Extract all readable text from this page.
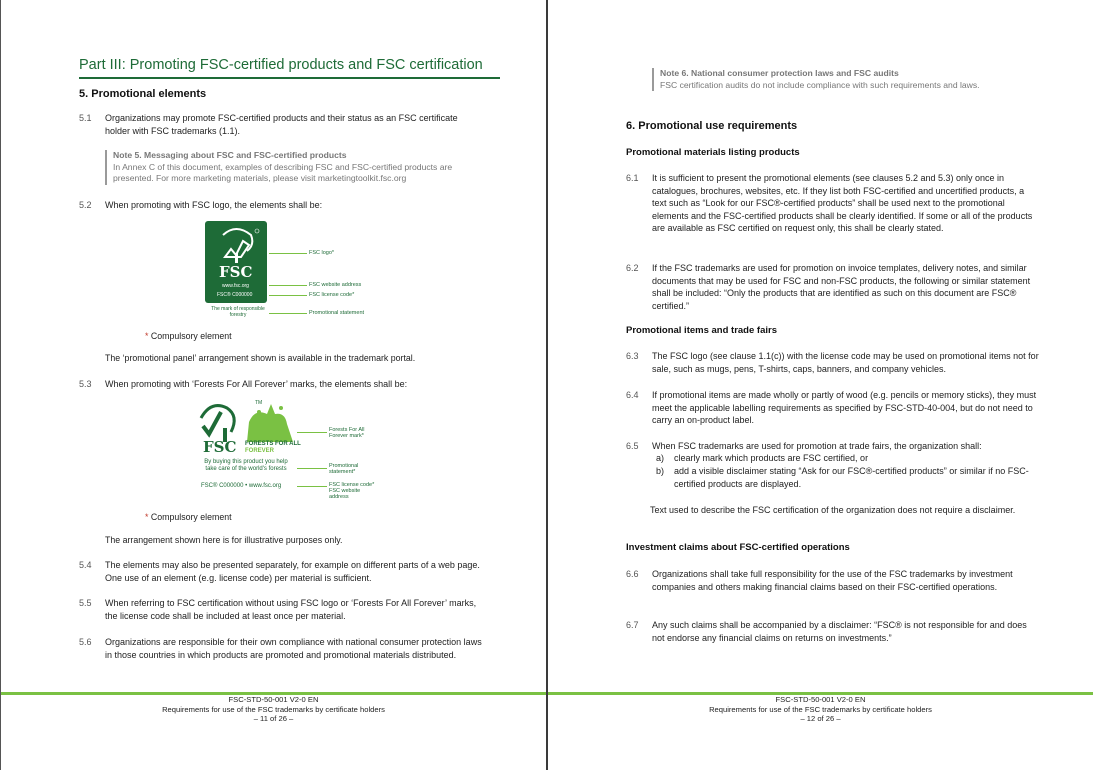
Part III: Promoting FSC-certified products and FSC certification
5. Promotional elements
5.1 Organizations may promote FSC-certified products and their status as an FSC certificate holder with FSC trademarks (1.1).
Note 5. Messaging about FSC and FSC-certified products
In Annex C of this document, examples of describing FSC and FSC-certified products are presented. For more marketing materials, please visit marketingtoolkit.fsc.org
5.2 When promoting with FSC logo, the elements shall be:
FSC
www.fsc.org
FSC® C000000
The mark of responsible forestry
FSC logo*
FSC website address
FSC license code*
Promotional statement
* Compulsory element
The ‘promotional panel’ arrangement shown is available in the trademark portal.
5.3 When promoting with ‘Forests For All Forever’ marks, the elements shall be:
TM
FSC FORESTS FOR ALL
FOREVER
By buying this product you help take care of the world's forests
FSC® C000000 • www.fsc.org
Forests For All Forever mark*
Promotional statement*
FSC license code* FSC website address
* Compulsory element
The arrangement shown here is for illustrative purposes only.
5.4 The elements may also be presented separately, for example on different parts of a web page. One use of an element (e.g. license code) per material is sufficient.
5.5 When referring to FSC certification without using FSC logo or ‘Forests For All Forever’ marks, the license code shall be included at least once per material.
5.6 Organizations are responsible for their own compliance with national consumer protection laws in those countries in which products are promoted and promotional materials distributed.
FSC-STD-50-001 V2-0 EN
Requirements for use of the FSC trademarks by certificate holders
– 11 of 26 –
Note 6. National consumer protection laws and FSC audits
FSC certification audits do not include compliance with such requirements and laws.
6. Promotional use requirements
Promotional materials listing products
6.1 It is sufficient to present the promotional elements (see clauses 5.2 and 5.3) only once in catalogues, brochures, websites, etc. If they list both FSC-certified and uncertified products, a text such as “Look for our FSC®-certified products” shall be used next to the promotional elements and the FSC-certified products shall be clearly identified. If some or all of the products are available as FSC certified on request only, this shall be clearly stated.
6.2 If the FSC trademarks are used for promotion on invoice templates, delivery notes, and similar documents that may be used for FSC and non-FSC products, the following or similar statement shall be included: “Only the products that are identified as such on this document are FSC® certified.”
Promotional items and trade fairs
6.3 The FSC logo (see clause 1.1(c)) with the license code may be used on promotional items not for sale, such as mugs, pens, T-shirts, caps, banners, and company vehicles.
6.4 If promotional items are made wholly or partly of wood (e.g. pencils or memory sticks), they must meet the applicable labelling requirements as specified by FSC-STD-40-004, but do not need to carry an on-product label.
6.5 When FSC trademarks are used for promotion at trade fairs, the organization shall:
a) clearly mark which products are FSC certified, or
b) add a visible disclaimer stating “Ask for our FSC®-certified products” or similar if no FSC-certified products are displayed.
Text used to describe the FSC certification of the organization does not require a disclaimer.
Investment claims about FSC-certified operations
6.6 Organizations shall take full responsibility for the use of the FSC trademarks by investment companies and others making financial claims based on their FSC-certified operations.
6.7 Any such claims shall be accompanied by a disclaimer: “FSC® is not responsible for and does not endorse any financial claims on returns on investments.”
FSC-STD-50-001 V2-0 EN
Requirements for use of the FSC trademarks by certificate holders
– 12 of 26 –
